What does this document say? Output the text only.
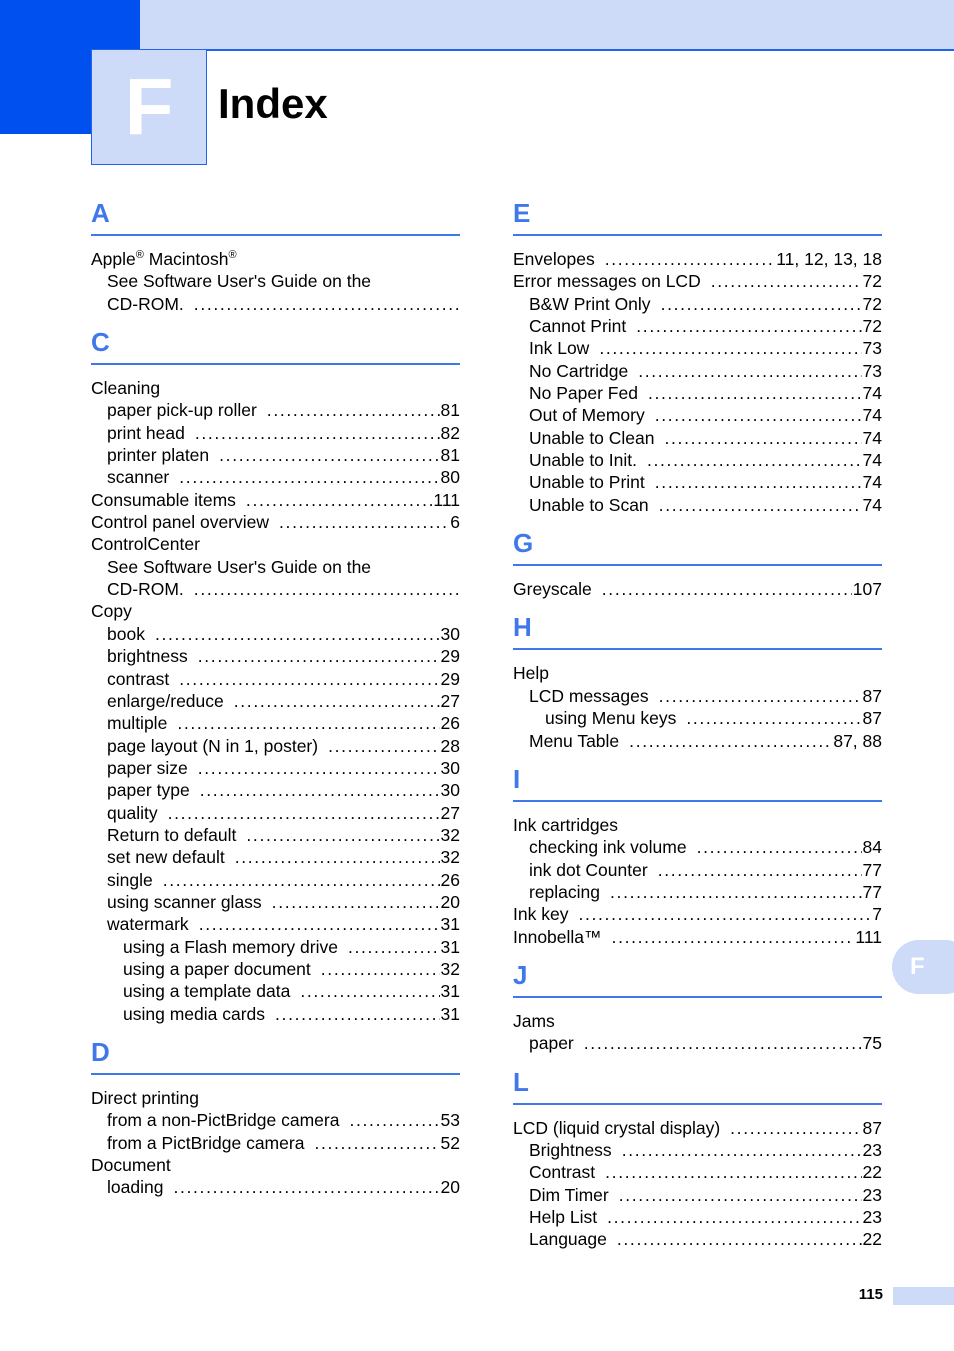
F Index
A
Apple® Macintosh®
See Software User's Guide on the
CD-ROM.
. . .
C
Cleaning
paper pick-up roller . . .	81
print head . . .	82
printer platen . . .	81
scanner . . .	80
Consumable items . . .	111
Control panel overview . . .	6
ControlCenter
See Software User's Guide on the
CD-ROM.
. . .
Copy
book . . .	30
brightness . . .	29
contrast . . .	29
enlarge/reduce . . .	27
multiple . . .	26
page layout (N in 1, poster) . . .	28
paper size . . .	30
paper type . . .	30
quality . . .	27
Return to default . . .	32
set new default . . .	32
single . . .	26
using scanner glass . . .	20
watermark . . .	31
using a Flash memory drive . . .	31
using a paper document . . .	32
using a template data . . .	31
using media cards . . .	31
D
Direct printing
from a non-PictBridge camera . . .	53
from a PictBridge camera . . .	52
Document
loading . . .	20
E
Envelopes . . .	11, 12, 13, 18
Error messages on LCD . . .	72
B&W Print Only . . .	72
Cannot Print . . .	72
Ink Low . . .	73
No Cartridge . . .	73
No Paper Fed . . .	74
Out of Memory . . .	74
Unable to Clean . . .	74
Unable to Init. . . .	74
Unable to Print . . .	74
Unable to Scan . . .	74
G
Greyscale . . .	107
H
Help
LCD messages . . .	87
using Menu keys . . .	87
Menu Table . . .	87, 88
I
Ink cartridges
checking ink volume . . .	84
ink dot Counter . . .	77
replacing . . .	77
Ink key . . .	7
Innobella™ . . .	111
J
Jams
paper . . .	75
L
LCD (liquid crystal display) . . .	87
Brightness . . .	23
Contrast . . .	22
Dim Timer . . .	23
Help List . . .	23
Language . . .	22
F
115
